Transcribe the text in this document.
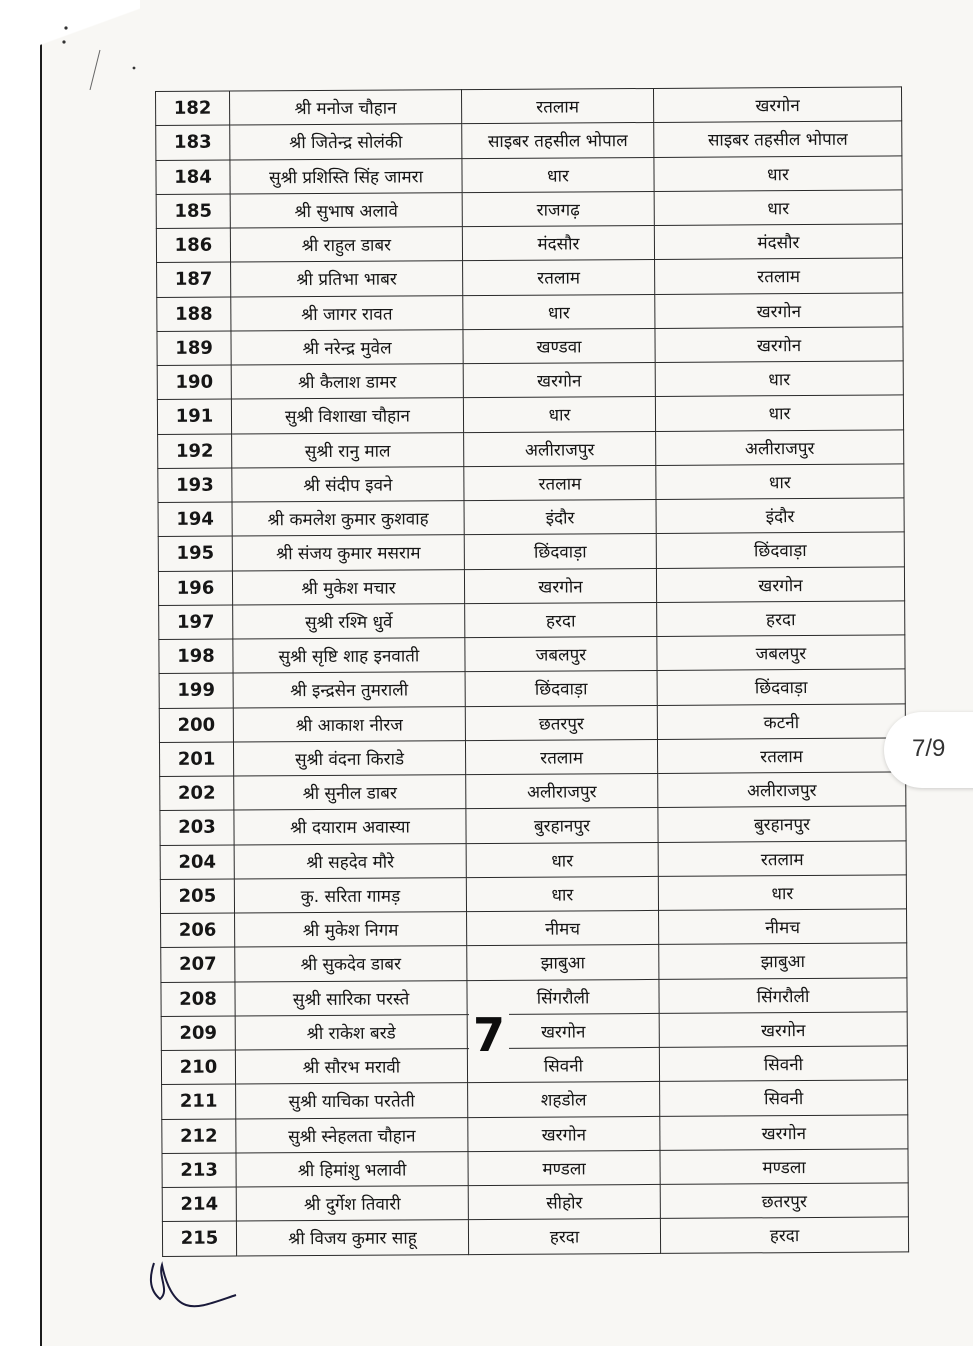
182	श्री मनोज चौहान	रतलाम	खरगोन
183	श्री जितेन्द्र सोलंकी	साइबर तहसील भोपाल	साइबर तहसील भोपाल
184	सुश्री प्रशिस्ति सिंह जामरा	धार	धार
185	श्री सुभाष अलावे	राजगढ़	धार
186	श्री राहुल डाबर	मंदसौर	मंदसौर
187	श्री प्रतिभा भाबर	रतलाम	रतलाम
188	श्री जागर रावत	धार	खरगोन
189	श्री नरेन्द्र मुवेल	खण्डवा	खरगोन
190	श्री कैलाश डामर	खरगोन	धार
191	सुश्री विशाखा चौहान	धार	धार
192	सुश्री रानु माल	अलीराजपुर	अलीराजपुर
193	श्री संदीप इवने	रतलाम	धार
194	श्री कमलेश कुमार कुशवाह	इंदौर	इंदौर
195	श्री संजय कुमार मसराम	छिंदवाड़ा	छिंदवाड़ा
196	श्री मुकेश मचार	खरगोन	खरगोन
197	सुश्री रश्मि धुर्वे	हरदा	हरदा
198	सुश्री सृष्टि शाह इनवाती	जबलपुर	जबलपुर
199	श्री इन्द्रसेन तुमराली	छिंदवाड़ा	छिंदवाड़ा
200	श्री आकाश नीरज	छतरपुर	कटनी
201	सुश्री वंदना किराडे	रतलाम	रतलाम
202	श्री सुनील डाबर	अलीराजपुर	अलीराजपुर
203	श्री दयाराम अवास्या	बुरहानपुर	बुरहानपुर
204	श्री सहदेव मौरे	धार	रतलाम
205	कु. सरिता गामड़	धार	धार
206	श्री मुकेश निगम	नीमच	नीमच
207	श्री सुकदेव डाबर	झाबुआ	झाबुआ
208	सुश्री सारिका परस्ते	सिंगरौली	सिंगरौली
209	श्री राकेश बरडे	खरगोन	खरगोन
210	श्री सौरभ मरावी	सिवनी	सिवनी
211	सुश्री याचिका परतेती	शहडोल	सिवनी
212	सुश्री स्नेहलता चौहान	खरगोन	खरगोन
213	श्री हिमांशु भलावी	मण्डला	मण्डला
214	श्री दुर्गेश तिवारी	सीहोर	छतरपुर
215	श्री विजय कुमार साहू	हरदा	हरदा
7
7/9
